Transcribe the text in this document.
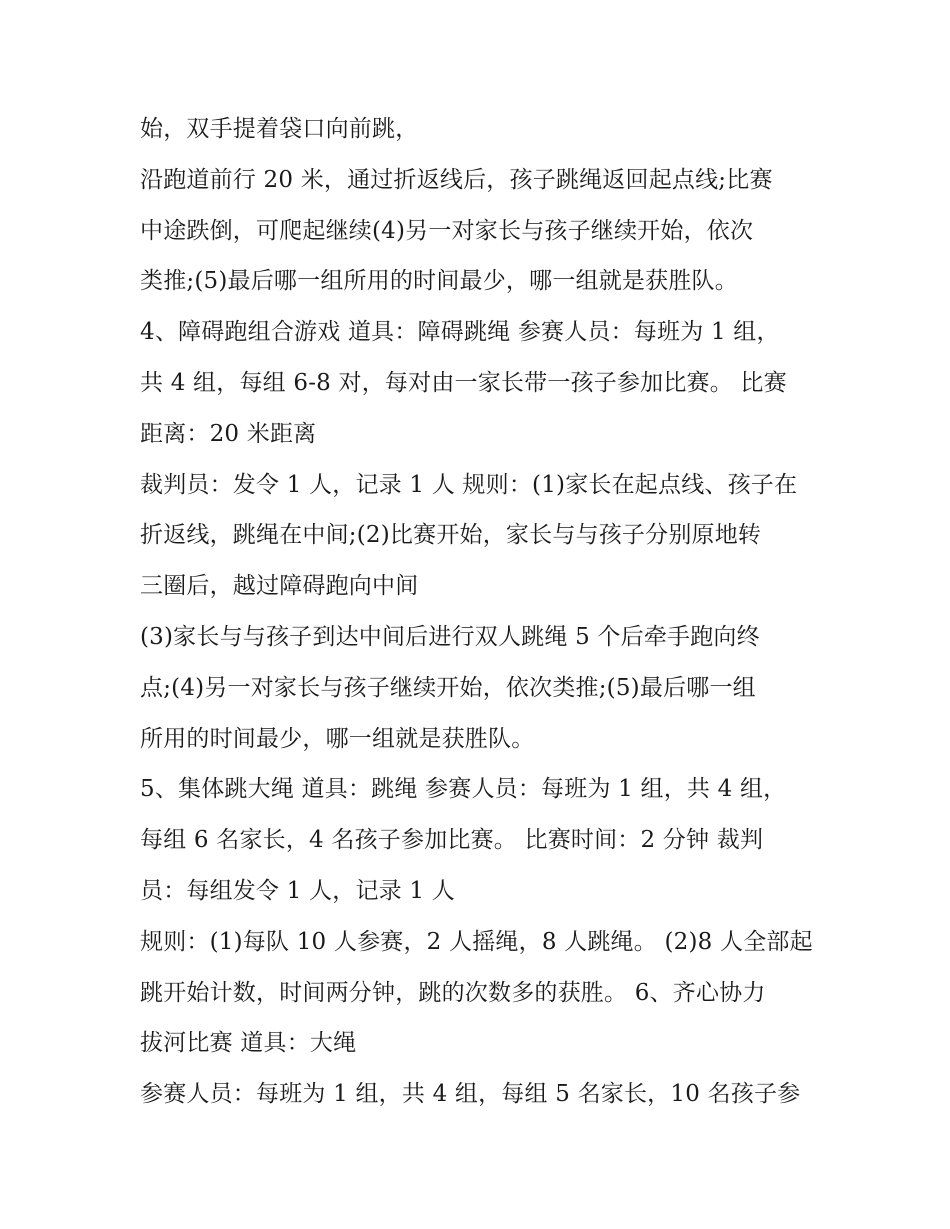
始，双手提着袋口向前跳，
沿跑道前行 20 米，通过折返线后，孩子跳绳返回起点线;比赛
中途跌倒，可爬起继续(4)另一对家长与孩子继续开始，依次
类推;(5)最后哪一组所用的时间最少，哪一组就是获胜队。
4、障碍跑组合游戏 道具：障碍跳绳 参赛人员：每班为 1 组，
共 4 组，每组 6-8 对，每对由一家长带一孩子参加比赛。 比赛
距离：20 米距离
裁判员：发令 1 人，记录 1 人 规则：(1)家长在起点线、孩子在
折返线，跳绳在中间;(2)比赛开始，家长与与孩子分别原地转
三圈后，越过障碍跑向中间
(3)家长与与孩子到达中间后进行双人跳绳 5 个后牵手跑向终
点;(4)另一对家长与孩子继续开始，依次类推;(5)最后哪一组
所用的时间最少，哪一组就是获胜队。
5、集体跳大绳 道具：跳绳 参赛人员：每班为 1 组，共 4 组，
每组 6 名家长，4 名孩子参加比赛。 比赛时间：2 分钟 裁判
员：每组发令 1 人，记录 1 人
规则：(1)每队 10 人参赛，2 人摇绳，8 人跳绳。 (2)8 人全部起
跳开始计数，时间两分钟，跳的次数多的获胜。 6、齐心协力
拔河比赛 道具：大绳
参赛人员：每班为 1 组，共 4 组，每组 5 名家长，10 名孩子参
